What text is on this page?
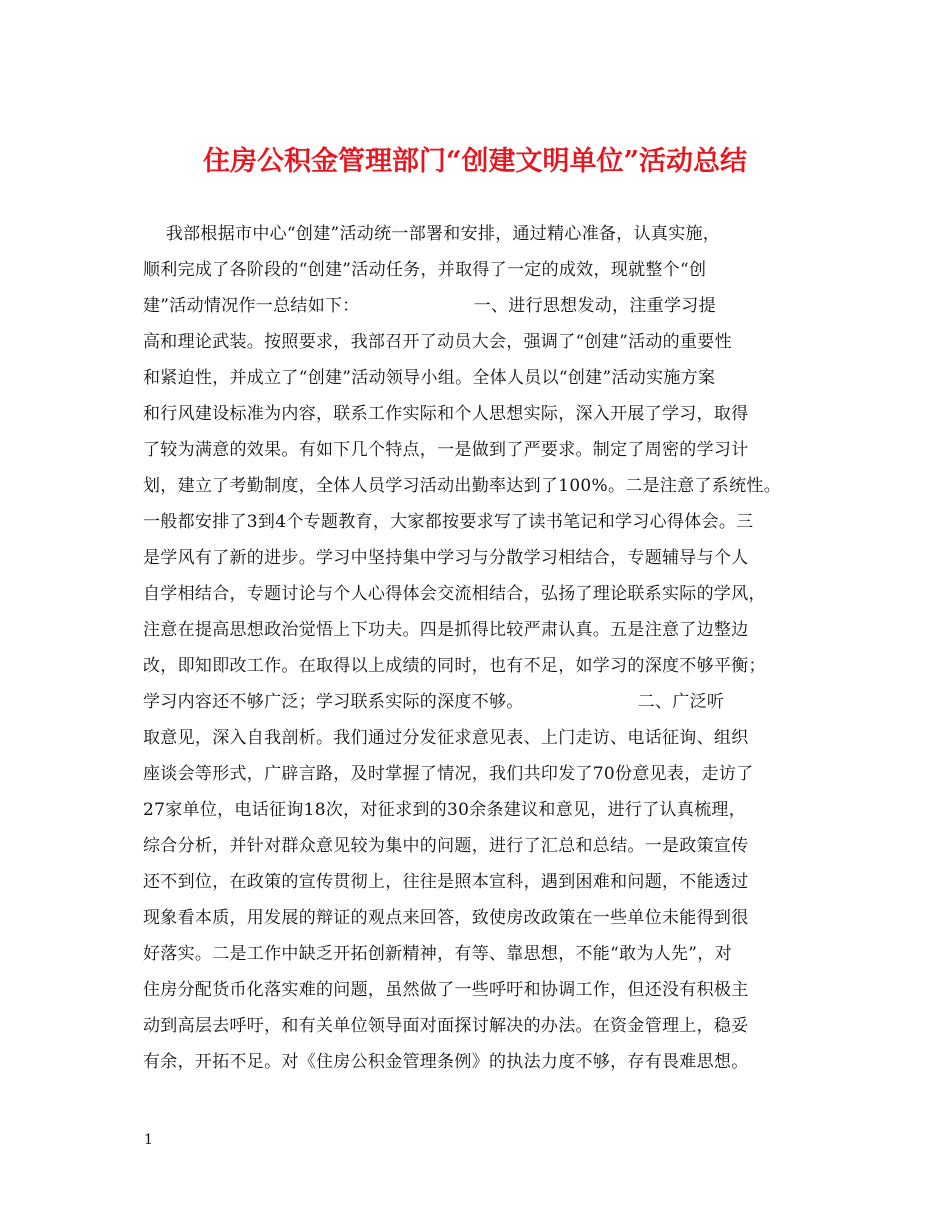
住房公积金管理部门“创建文明单位”活动总结
我部根据市中心“创建”活动统一部署和安排，通过精心准备，认真实施，
顺利完成了各阶段的“创建”活动任务，并取得了一定的成效，现就整个“创
建”活动情况作一总结如下：                    一、进行思想发动，注重学习提
高和理论武装。按照要求，我部召开了动员大会，强调了“创建”活动的重要性
和紧迫性，并成立了“创建”活动领导小组。全体人员以“创建”活动实施方案
和行风建设标准为内容，联系工作实际和个人思想实际，深入开展了学习，取得
了较为满意的效果。有如下几个特点，一是做到了严要求。制定了周密的学习计
划，建立了考勤制度，全体人员学习活动出勤率达到了100%。二是注意了系统性。
一般都安排了3到4个专题教育，大家都按要求写了读书笔记和学习心得体会。三
是学风有了新的进步。学习中坚持集中学习与分散学习相结合，专题辅导与个人
自学相结合，专题讨论与个人心得体会交流相结合，弘扬了理论联系实际的学风，
注意在提高思想政治觉悟上下功夫。四是抓得比较严肃认真。五是注意了边整边
改，即知即改工作。在取得以上成绩的同时，也有不足，如学习的深度不够平衡；
学习内容还不够广泛；学习联系实际的深度不够。                    二、广泛听
取意见，深入自我剖析。我们通过分发征求意见表、上门走访、电话征询、组织
座谈会等形式，广辟言路，及时掌握了情况，我们共印发了70份意见表，走访了
27家单位，电话征询18次，对征求到的30余条建议和意见，进行了认真梳理，
综合分析，并针对群众意见较为集中的问题，进行了汇总和总结。一是政策宣传
还不到位，在政策的宣传贯彻上，往往是照本宣科，遇到困难和问题，不能透过
现象看本质，用发展的辩证的观点来回答，致使房改政策在一些单位未能得到很
好落实。二是工作中缺乏开拓创新精神，有等、靠思想，不能“敢为人先”，对
住房分配货币化落实难的问题，虽然做了一些呼吁和协调工作，但还没有积极主
动到高层去呼吁，和有关单位领导面对面探讨解决的办法。在资金管理上，稳妥
有余，开拓不足。对《住房公积金管理条例》的执法力度不够，存有畏难思想。
1
